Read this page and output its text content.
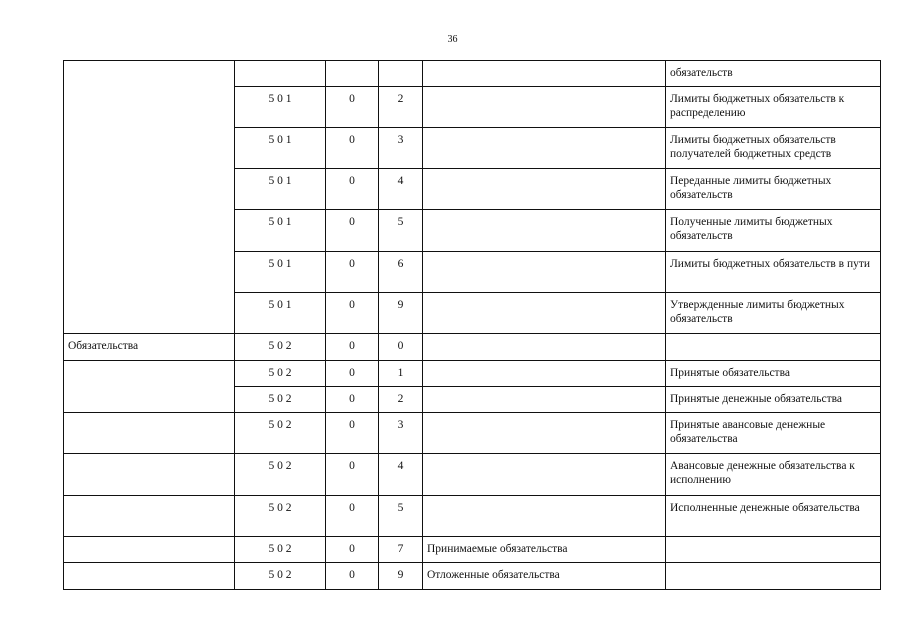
36
					обязательств
	5 0 1	0	2		Лимиты бюджетных обязательств к распределению
	5 0 1	0	3		Лимиты бюджетных обязательств получателей бюджетных средств
	5 0 1	0	4		Переданные лимиты бюджетных обязательств
	5 0 1	0	5		Полученные лимиты бюджетных обязательств
	5 0 1	0	6		Лимиты бюджетных обязательств в пути
	5 0 1	0	9		Утвержденные лимиты бюджетных обязательств
Обязательства	5 0 2	0	0		
	5 0 2	0	1		Принятые обязательства
	5 0 2	0	2		Принятые денежные обязательства
	5 0 2	0	3		Принятые авансовые денежные обязательства
	5 0 2	0	4		Авансовые денежные обязательства к исполнению
	5 0 2	0	5		Исполненные денежные обязательства
	5 0 2	0	7	Принимаемые обязательства	
	5 0 2	0	9	Отложенные обязательства	
